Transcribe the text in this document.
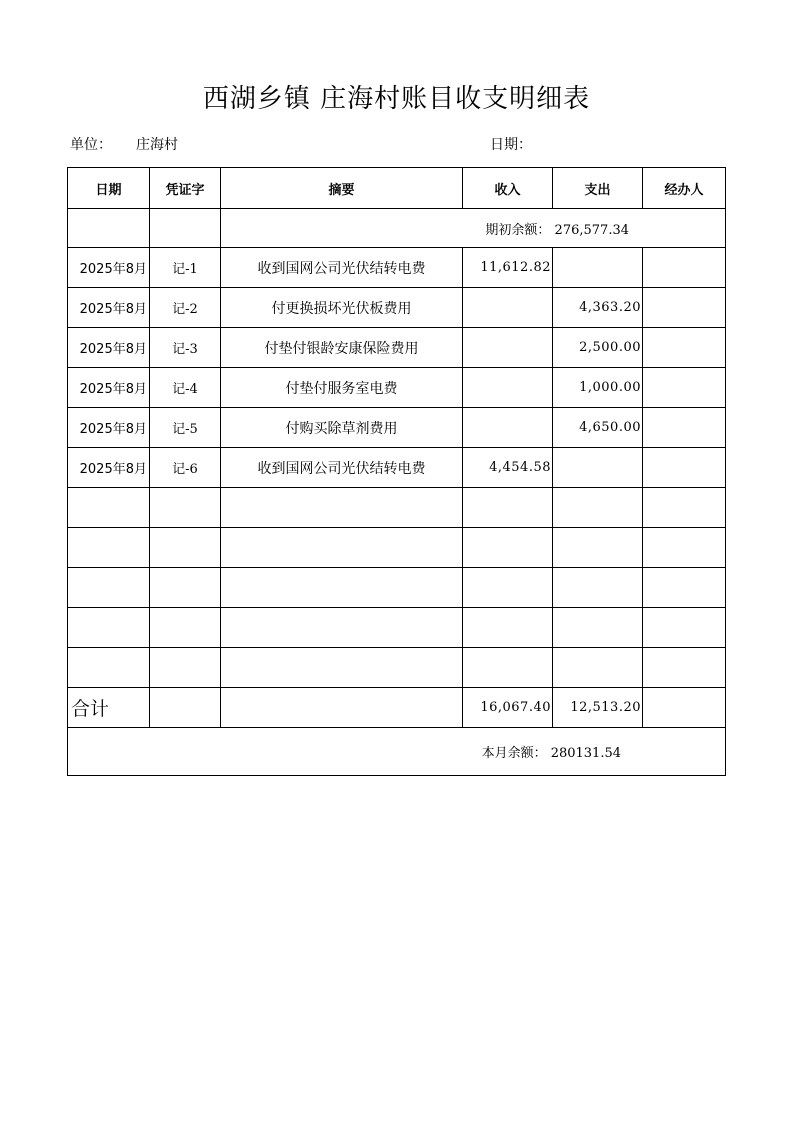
西湖乡镇 庄海村账目收支明细表
单位： 庄海村	日期：
日期	凭证字	摘要	收入	支出	经办人
		期初余额： 276,577.34			
2025年8月	记-1	收到国网公司光伏结转电费	11,612.82		
2025年8月	记-2	付更换损坏光伏板费用		4,363.20	
2025年8月	记-3	付垫付银龄安康保险费用		2,500.00	
2025年8月	记-4	付垫付服务室电费		1,000.00	
2025年8月	记-5	付购买除草剂费用		4,650.00	
2025年8月	记-6	收到国网公司光伏结转电费	4,454.58		

合计			16,067.40	12,513.20	
本月余额： 280131.54					
